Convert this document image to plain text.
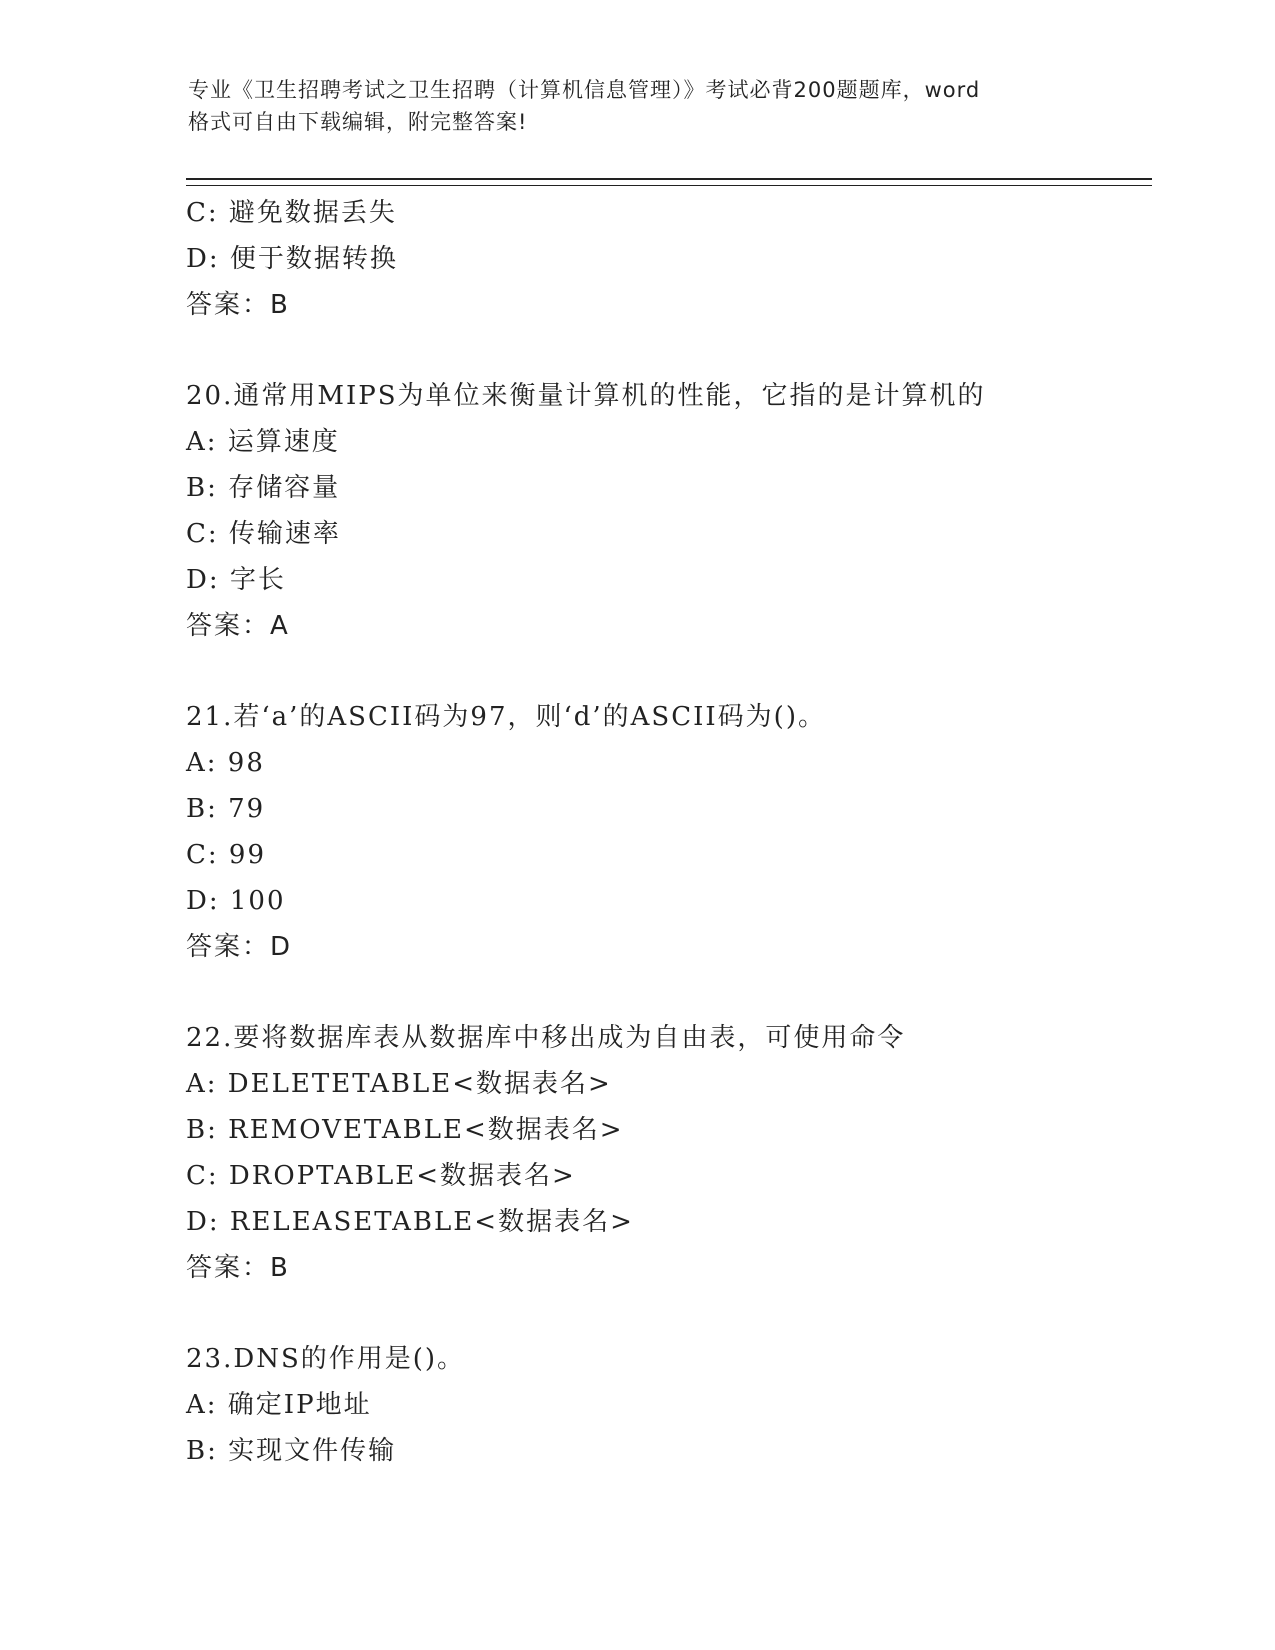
专业《卫生招聘考试之卫生招聘（计算机信息管理）》考试必背200题题库，word
格式可自由下载编辑，附完整答案!
C: 避免数据丢失
D: 便于数据转换
答案：B
20.通常用MIPS为单位来衡量计算机的性能，它指的是计算机的
A: 运算速度
B: 存储容量
C: 传输速率
D: 字长
答案：A
21.若‘a’的ASCII码为97，则‘d’的ASCII码为()。
A: 98
B: 79
C: 99
D: 100
答案：D
22.要将数据库表从数据库中移出成为自由表，可使用命令
A: DELETETABLE<数据表名>
B: REMOVETABLE<数据表名>
C: DROPTABLE<数据表名>
D: RELEASETABLE<数据表名>
答案：B
23.DNS的作用是()。
A: 确定IP地址
B: 实现文件传输
